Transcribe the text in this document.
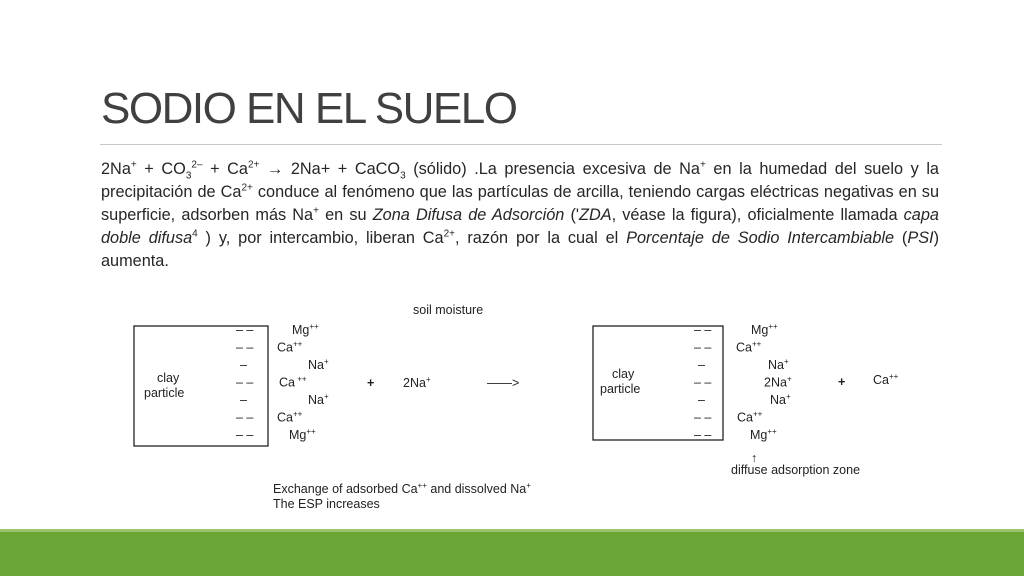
SODIO EN EL SUELO
$2Na^+ + CO_3^{2-} + Ca^{2+} \to 2Na+$ + CaCO$_3$ (sólido) .La presencia excesiva de Na+ en la humedad del suelo y la precipitación de $Ca^{2+}$ conduce al fenómeno que las partículas de arcilla, teniendo cargas eléctricas negativas en su superficie, adsorben más Na+ en su Zona Difusa de Adsorción ('ZDA, véase la figura), oficialmente llamada capa doble difusa$^4$ ) y, por intercambio, liberan $Ca^{2+}$, razón por la cual el Porcentaje de Sodio Intercambiable (PSI) aumenta.
soil moisture
clay
particle
– –
– –
–
– –
–
– –
– –
Mg++
Ca++
Na+
Ca ++
Na+
Ca++
Mg++
+ 2Na+	——>
clay
particle
– –
– –
–
– –
–
– –
– –
Mg++
Ca++
Na+
2Na+
Na+
Ca++
Mg++
+ Ca++
↑
diffuse adsorption zone
Exchange of adsorbed Ca++ and dissolved Na+
The ESP increases
